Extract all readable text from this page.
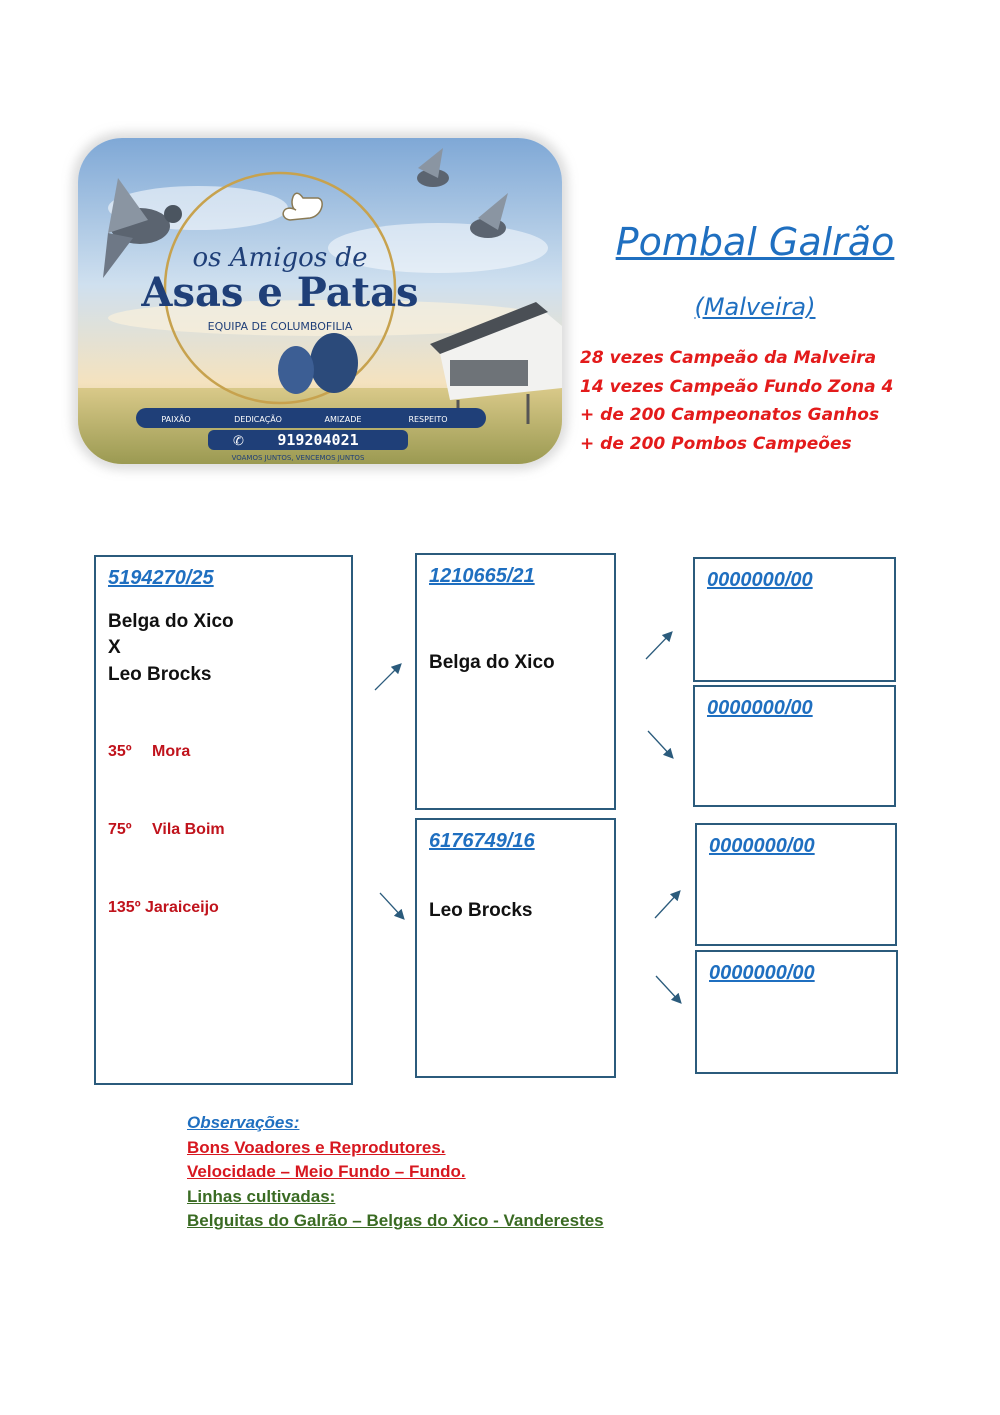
os Amigos de
Asas e Patas
EQUIPA DE COLUMBOFILIA
PAIXÃO	DEDICAÇÃO	AMIZADE	RESPEITO
✆ 919204021
VOAMOS JUNTOS, VENCEMOS JUNTOS
Pombal Galrão
(Malveira)
28 vezes Campeão da Malveira
14 vezes Campeão Fundo Zona 4
+ de 200 Campeonatos Ganhos
+ de 200 Pombos Campeões
5194270/25
Belga do Xico
X
Leo Brocks
35º Mora
75º Vila Boim
135º Jaraiceijo
1210665/21
Belga do Xico
6176749/16
Leo Brocks
0000000/00
0000000/00
0000000/00
0000000/00
Observações:
Bons Voadores e Reprodutores.
Velocidade – Meio Fundo – Fundo.
Linhas cultivadas:
Belguitas do Galrão – Belgas do Xico - Vanderestes
